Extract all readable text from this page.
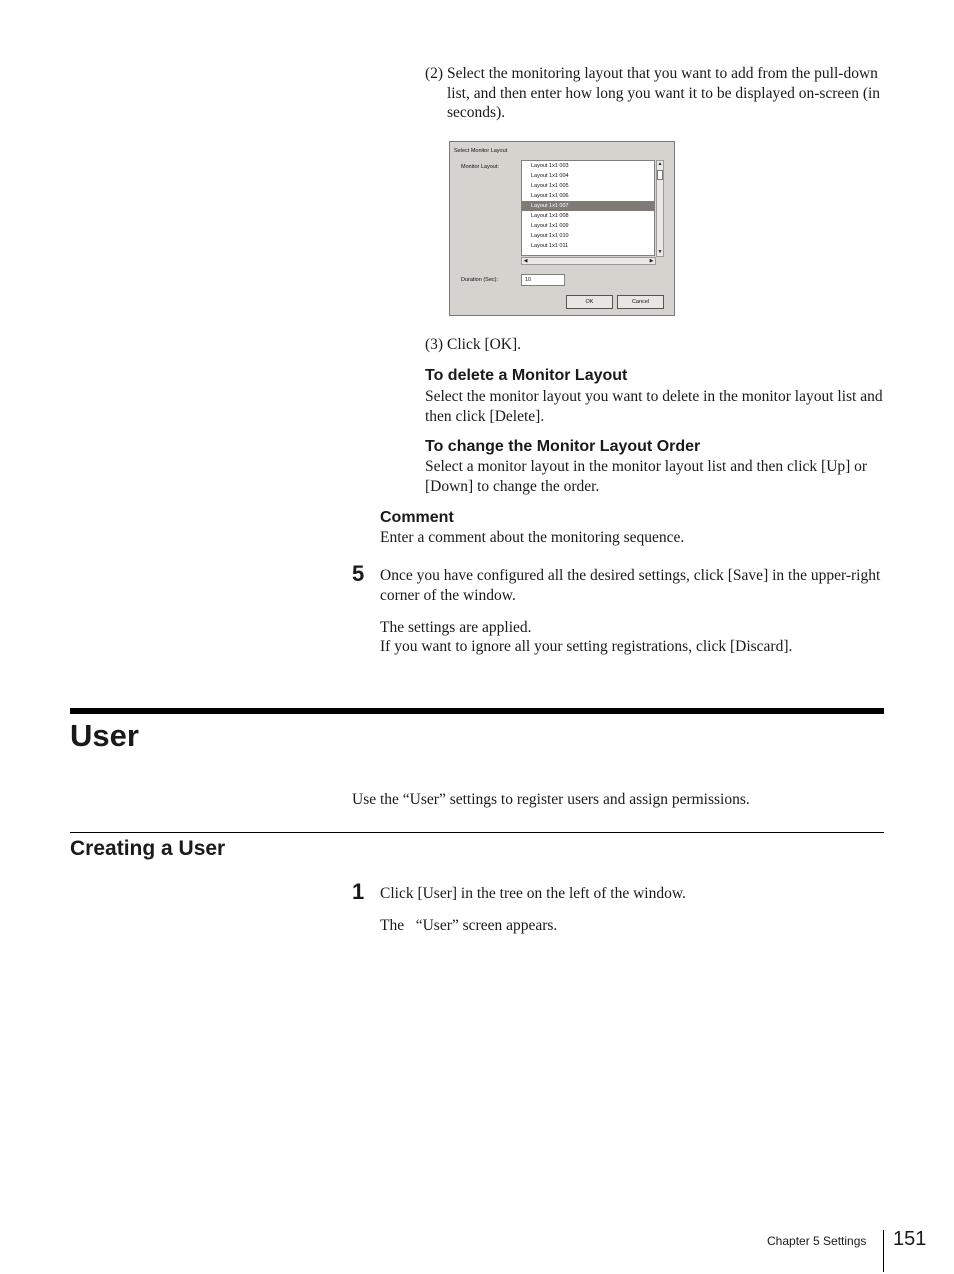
(2) Select the monitoring layout that you want to add from the pull-down list, and then enter how long you want it to be displayed on-screen (in seconds).
Select Monitor Layout
Monitor Layout:	Layout 1x1 003
Layout 1x1 004
Layout 1x1 005
Layout 1x1 006
Layout 1x1 007
Layout 1x1 008
Layout 1x1 009
Layout 1x1 010
Layout 1x1 011
▲
▼
◀	▶
Duration (Sec):
10
OK	Cancel
(3) Click [OK].
To delete a Monitor Layout
Select the monitor layout you want to delete in the monitor layout list and then click [Delete].
To change the Monitor Layout Order
Select a monitor layout in the monitor layout list and then click [Up] or [Down] to change the order.
Comment
Enter a comment about the monitoring sequence.
5 Once you have configured all the desired settings, click [Save] in the upper-right corner of the window.
The settings are applied.
If you want to ignore all your setting registrations, click [Discard].
User
Use the “User” settings to register users and assign permissions.
Creating a User
1 Click [User] in the tree on the left of the window.
The   “User” screen appears.
Chapter 5 Settings 151
